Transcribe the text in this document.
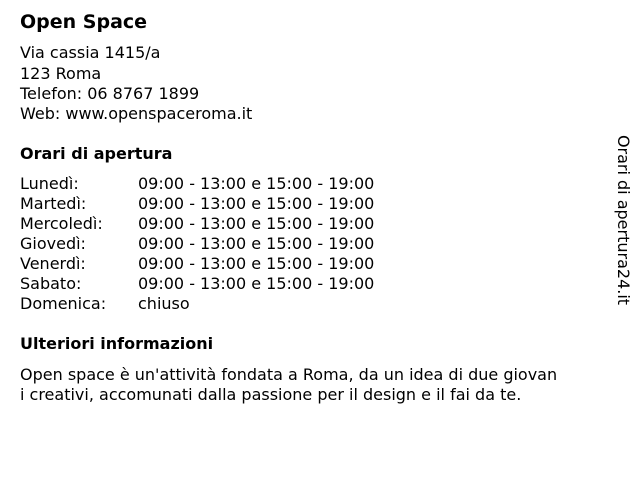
Open Space
Via cassia 1415/a
123 Roma
Telefon: 06 8767 1899
Web: www.openspaceroma.it
Orari di apertura
Lunedì:	09:00 - 13:00 e 15:00 - 19:00
Martedì:	09:00 - 13:00 e 15:00 - 19:00
Mercoledì: 09:00 - 13:00 e 15:00 - 19:00
Giovedì:	09:00 - 13:00 e 15:00 - 19:00
Venerdì:	09:00 - 13:00 e 15:00 - 19:00
Sabato:	09:00 - 13:00 e 15:00 - 19:00
Domenica: chiuso
Ulteriori informazioni
Open space è un'attività fondata a Roma, da un idea di due giovan
i creativi, accomunati dalla passione per il design e il fai da te.
Orari di apertura24.it
